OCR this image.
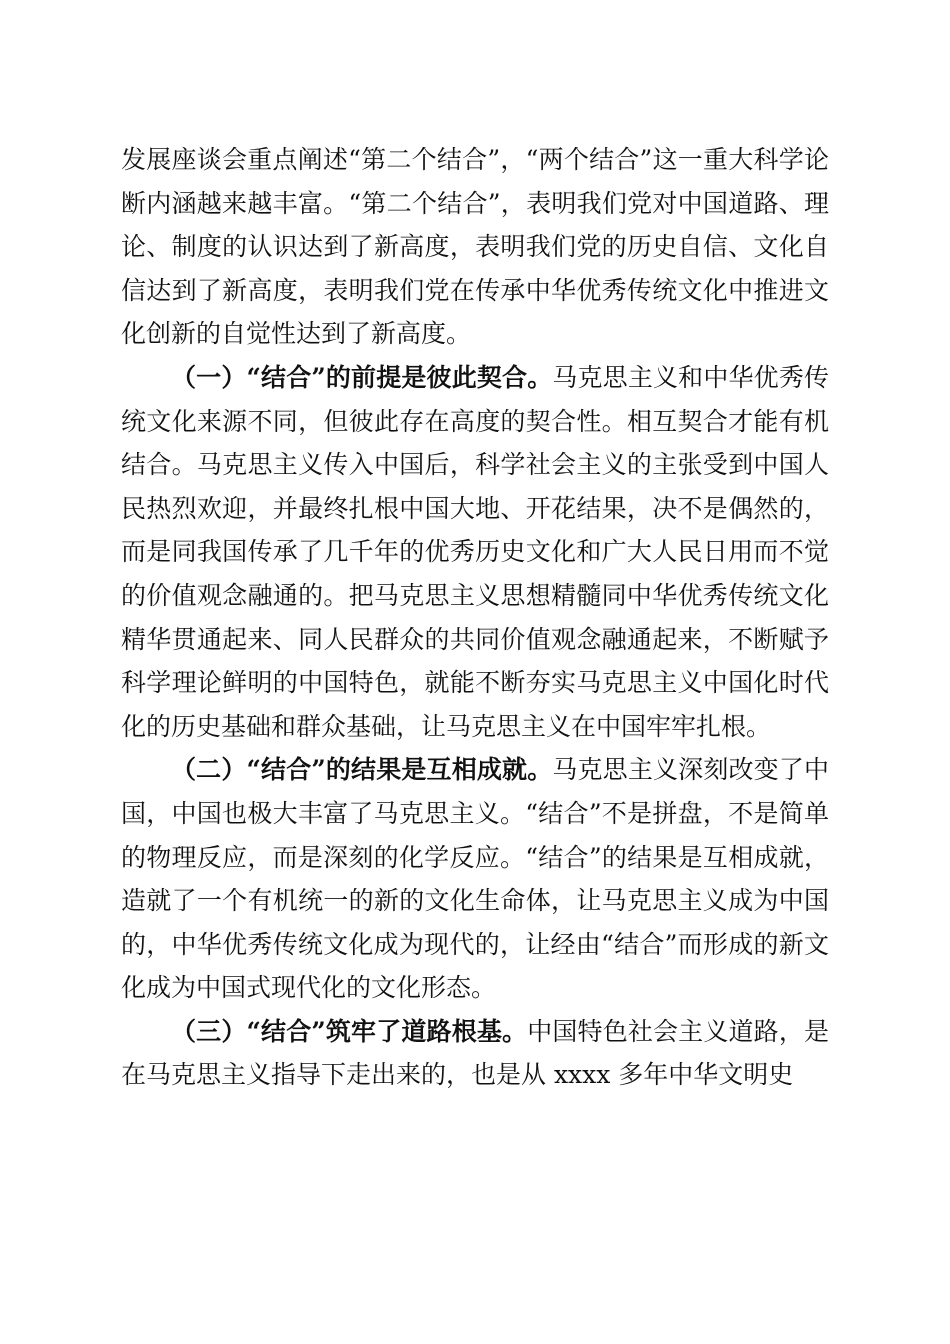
发展座谈会重点阐述“第二个结合”，“两个结合”这一重大科学论断内涵越来越丰富。“第二个结合”，表明我们党对中国道路、理论、制度的认识达到了新高度，表明我们党的历史自信、文化自信达到了新高度，表明我们党在传承中华优秀传统文化中推进文化创新的自觉性达到了新高度。

（一）“结合”的前提是彼此契合。马克思主义和中华优秀传统文化来源不同，但彼此存在高度的契合性。相互契合才能有机结合。马克思主义传入中国后，科学社会主义的主张受到中国人民热烈欢迎，并最终扎根中国大地、开花结果，决不是偶然的，而是同我国传承了几千年的优秀历史文化和广大人民日用而不觉的价值观念融通的。把马克思主义思想精髓同中华优秀传统文化精华贯通起来、同人民群众的共同价值观念融通起来，不断赋予科学理论鲜明的中国特色，就能不断夯实马克思主义中国化时代化的历史基础和群众基础，让马克思主义在中国牢牢扎根。

（二）“结合”的结果是互相成就。马克思主义深刻改变了中国，中国也极大丰富了马克思主义。“结合”不是拼盘，不是简单的物理反应，而是深刻的化学反应。“结合”的结果是互相成就，造就了一个有机统一的新的文化生命体，让马克思主义成为中国的，中华优秀传统文化成为现代的，让经由“结合”而形成的新文化成为中国式现代化的文化形态。

（三）“结合”筑牢了道路根基。中国特色社会主义道路，是在马克思主义指导下走出来的，也是从 xxxx 多年中华文明史
